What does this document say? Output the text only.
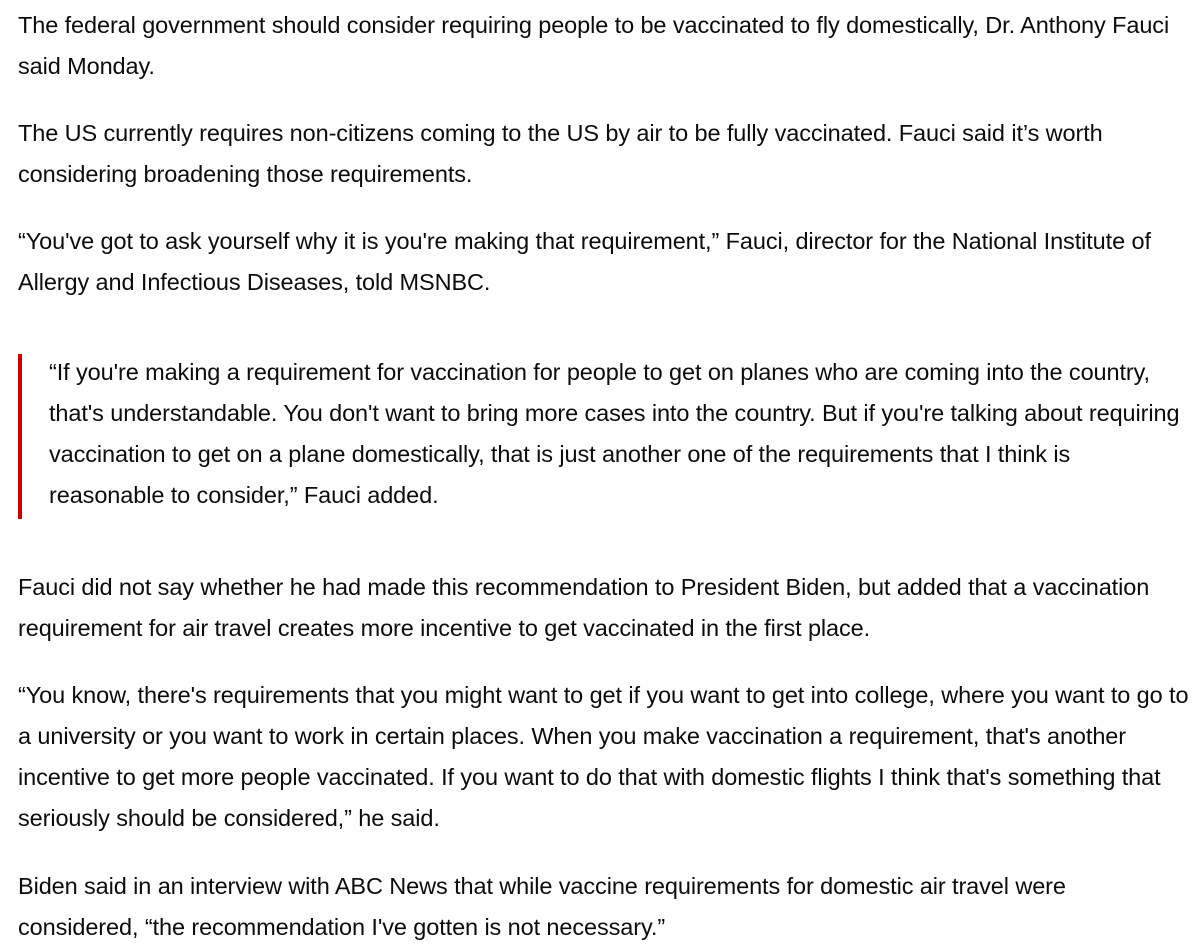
The federal government should consider requiring people to be vaccinated to fly domestically, Dr. Anthony Fauci said Monday.

The US currently requires non-citizens coming to the US by air to be fully vaccinated. Fauci said it’s worth considering broadening those requirements.

“You've got to ask yourself why it is you're making that requirement,” Fauci, director for the National Institute of Allergy and Infectious Diseases, told MSNBC.

“If you're making a requirement for vaccination for people to get on planes who are coming into the country, that's understandable. You don't want to bring more cases into the country. But if you're talking about requiring vaccination to get on a plane domestically, that is just another one of the requirements that I think is reasonable to consider,” Fauci added.

Fauci did not say whether he had made this recommendation to President Biden, but added that a vaccination requirement for air travel creates more incentive to get vaccinated in the first place.

“You know, there's requirements that you might want to get if you want to get into college, where you want to go to a university or you want to work in certain places. When you make vaccination a requirement, that's another incentive to get more people vaccinated. If you want to do that with domestic flights I think that's something that seriously should be considered,” he said.

Biden said in an interview with ABC News that while vaccine requirements for domestic air travel were considered, “the recommendation I've gotten is not necessary.”
